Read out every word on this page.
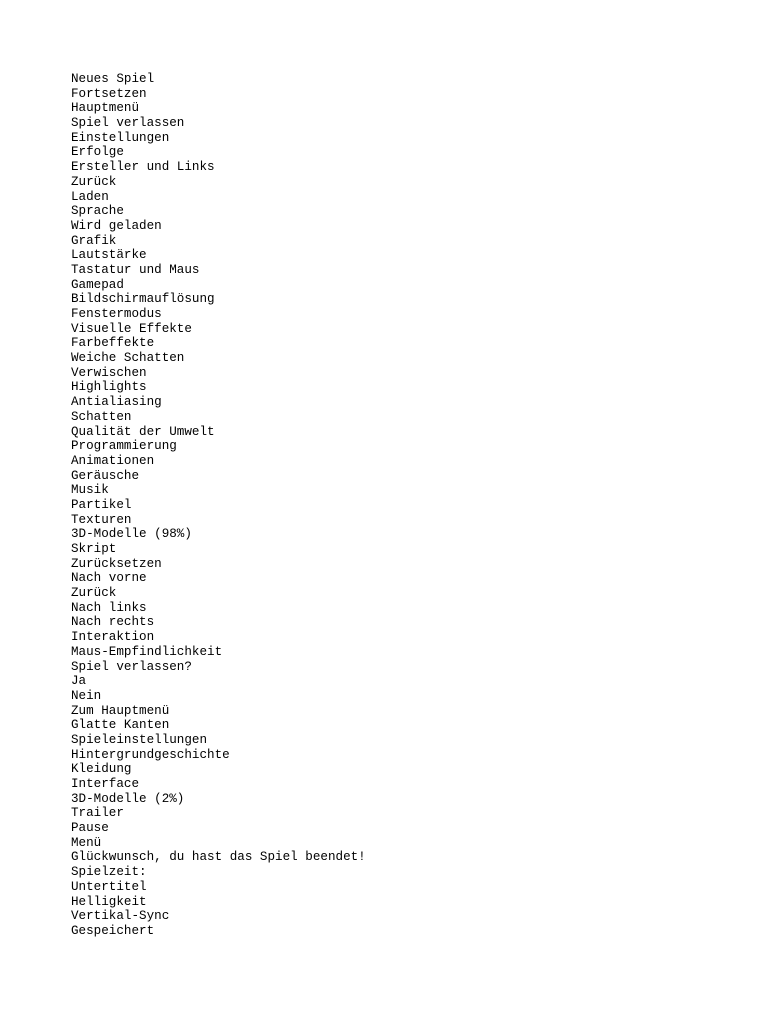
Neues Spiel
Fortsetzen
Hauptmenü
Spiel verlassen
Einstellungen
Erfolge
Ersteller und Links
Zurück
Laden
Sprache
Wird geladen
Grafik
Lautstärke
Tastatur und Maus
Gamepad
Bildschirmauflösung
Fenstermodus
Visuelle Effekte
Farbeffekte
Weiche Schatten
Verwischen
Highlights
Antialiasing
Schatten
Qualität der Umwelt
Programmierung
Animationen
Geräusche
Musik
Partikel
Texturen
3D-Modelle (98%)
Skript
Zurücksetzen
Nach vorne
Zurück
Nach links
Nach rechts
Interaktion
Maus-Empfindlichkeit
Spiel verlassen?
Ja
Nein
Zum Hauptmenü
Glatte Kanten
Spieleinstellungen
Hintergrundgeschichte
Kleidung
Interface
3D-Modelle (2%)
Trailer
Pause
Menü
Glückwunsch, du hast das Spiel beendet!
Spielzeit:
Untertitel
Helligkeit
Vertikal-Sync
Gespeichert
